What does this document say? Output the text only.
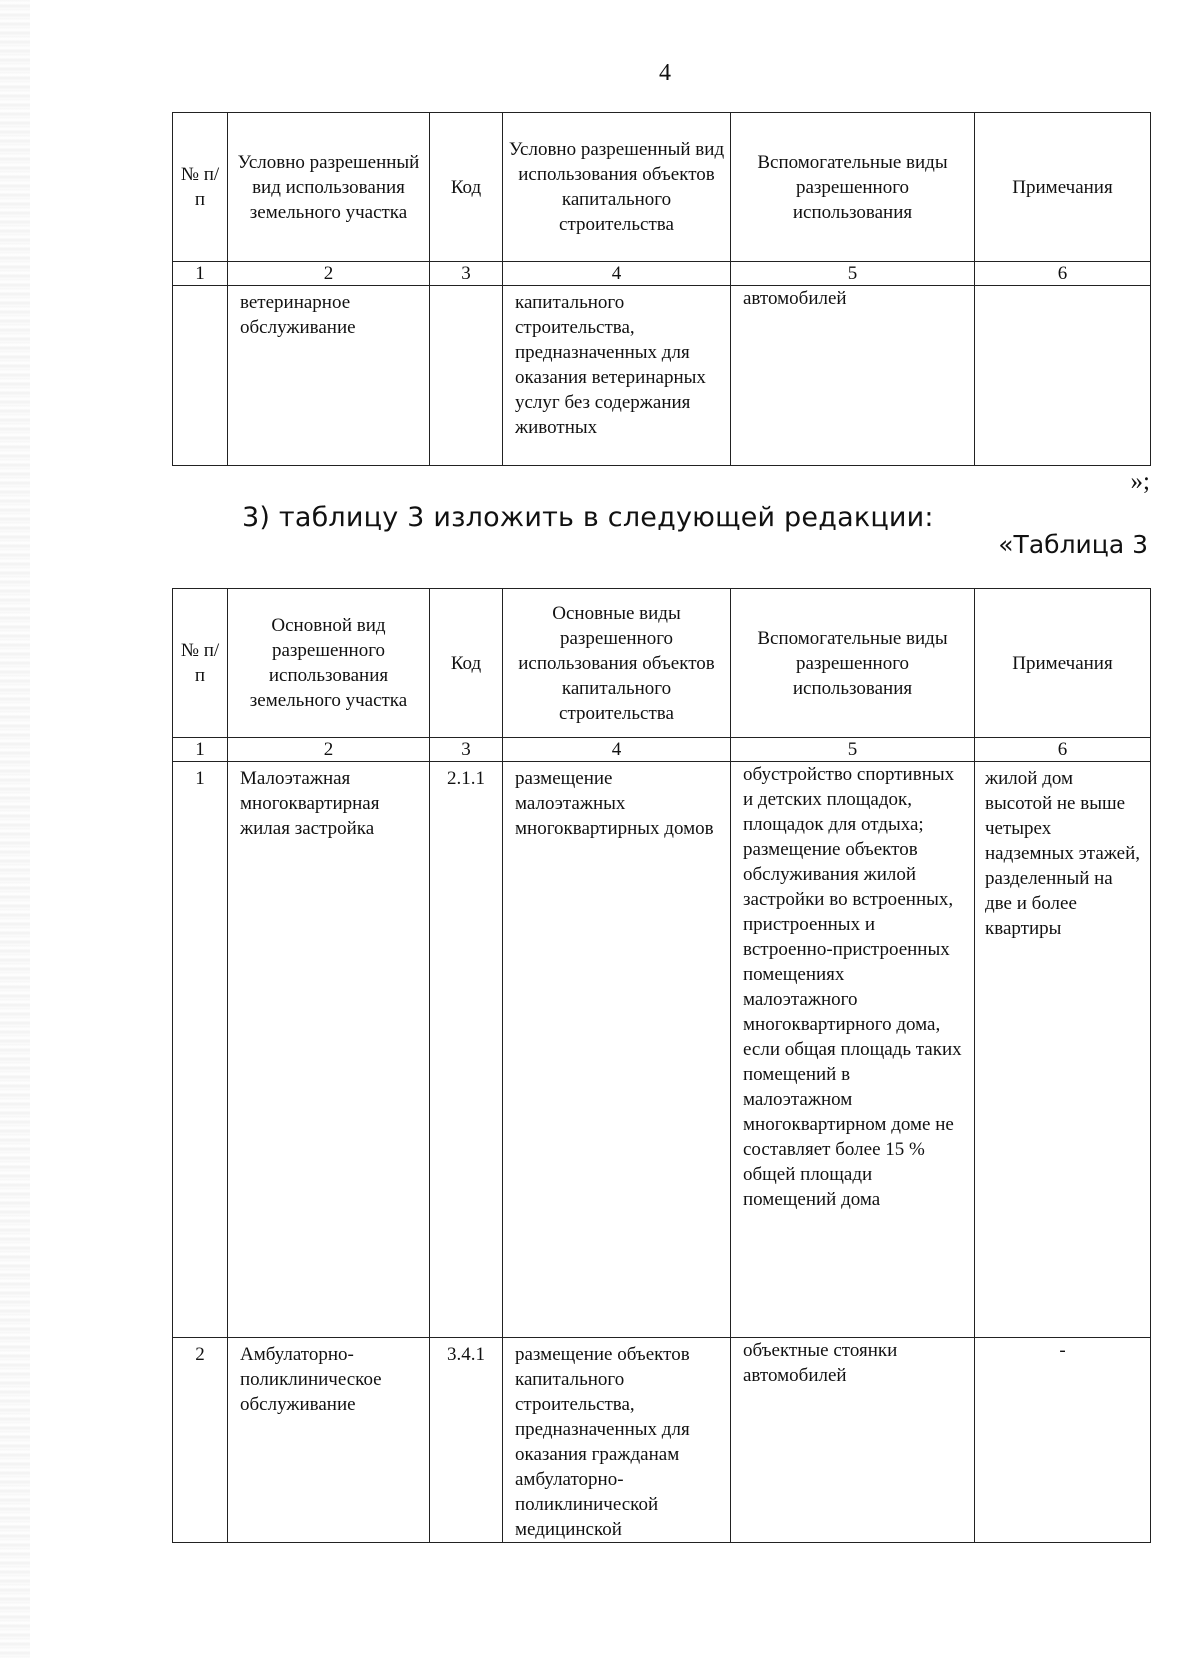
4
№ п/п	Условно разрешенный вид использования земельного участка	Код	Условно разрешенный вид использования объектов капитального строительства	Вспомогательные виды разрешенного использования	Примечания
1	2	3	4	5	6
	ветеринарное обслуживание		капитального строительства, предназначенных для оказания ветеринарных услуг без содержания животных	автомобилей	
»;
3) таблицу 3 изложить в следующей редакции:
«Таблица 3
№ п/п	Основной вид разрешенного использования земельного участка	Код	Основные виды разрешенного использования объектов капитального строительства	Вспомогательные виды разрешенного использования	Примечания
1	2	3	4	5	6
1	Малоэтажная многоквартирная жилая застройка	2.1.1	размещение малоэтажных многоквартирных домов	обустройство спортивных и детских площадок, площадок для отдыха; размещение объектов обслуживания жилой застройки во встроенных, пристроенных и встроенно-пристроенных помещениях малоэтажного многоквартирного дома, если общая площадь таких помещений в малоэтажном многоквартирном доме не составляет более 15 % общей площади помещений дома	жилой дом высотой не выше четырех надземных этажей, разделенный на две и более квартиры
2	Амбулаторно-поликлиническое обслуживание	3.4.1	размещение объектов капитального строительства, предназначенных для оказания гражданам амбулаторно-поликлинической медицинской	объектные стоянки автомобилей	-
